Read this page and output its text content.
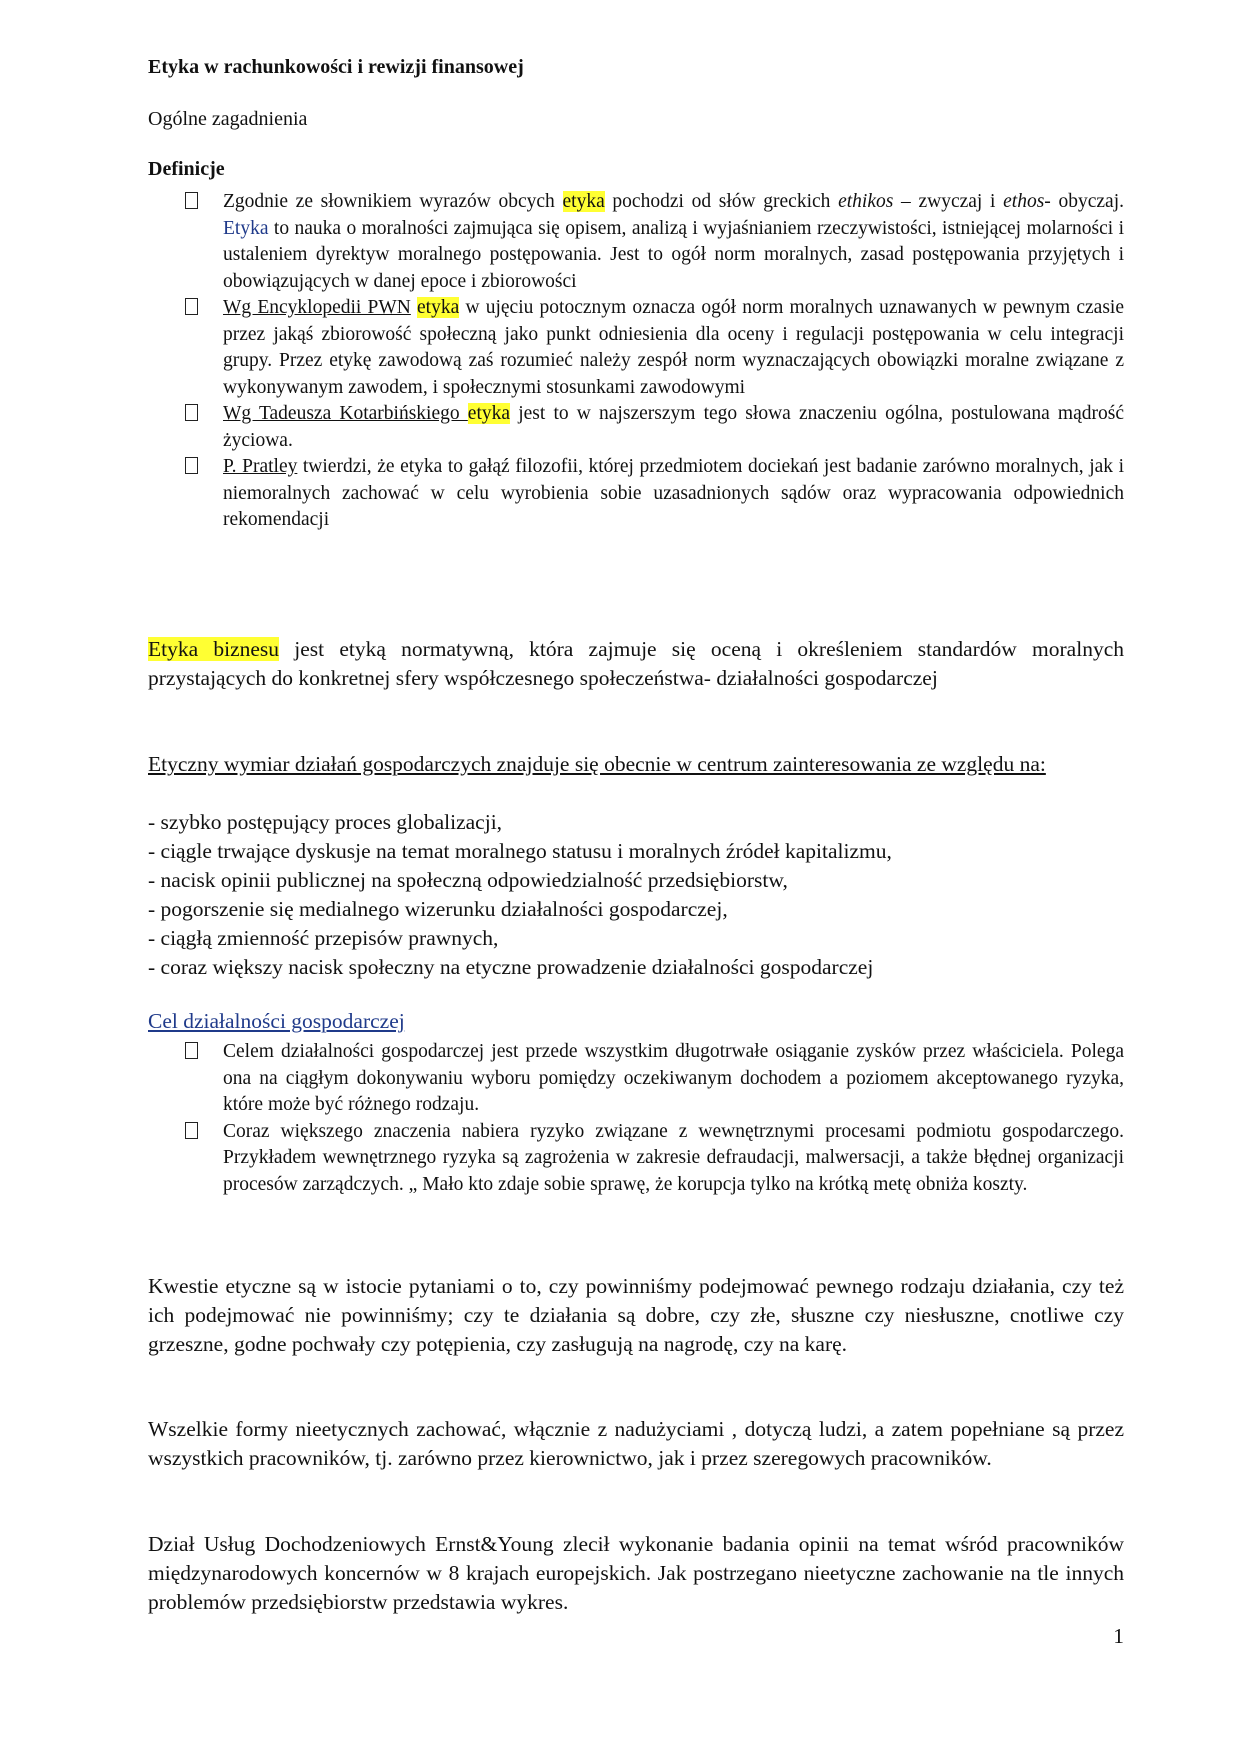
Etyka w rachunkowości i rewizji finansowej
Ogólne zagadnienia
Definicje
Zgodnie ze słownikiem wyrazów obcych etyka pochodzi od słów greckich ethikos – zwyczaj i ethos- obyczaj. Etyka to nauka o moralności zajmująca się opisem, analizą i wyjaśnianiem rzeczywistości, istniejącej molarności i ustaleniem dyrektyw moralnego postępowania. Jest to ogół norm moralnych, zasad postępowania przyjętych i obowiązujących w danej epoce i zbiorowości
Wg Encyklopedii PWN etyka w ujęciu potocznym oznacza ogół norm moralnych uznawanych w pewnym czasie przez jakąś zbiorowość społeczną jako punkt odniesienia dla oceny i regulacji postępowania w celu integracji grupy. Przez etykę zawodową zaś rozumieć należy zespół norm wyznaczających obowiązki moralne związane z wykonywanym zawodem, i społecznymi stosunkami zawodowymi
Wg Tadeusza Kotarbińskiego etyka jest to w najszerszym tego słowa znaczeniu ogólna, postulowana mądrość życiowa.
P. Pratley twierdzi, że etyka to gałąź filozofii, której przedmiotem dociekań jest badanie zarówno moralnych, jak i niemoralnych zachować w celu wyrobienia sobie uzasadnionych sądów oraz wypracowania odpowiednich rekomendacji
Etyka biznesu jest etyką normatywną, która zajmuje się oceną i określeniem standardów moralnych przystających do konkretnej sfery współczesnego społeczeństwa- działalności gospodarczej
Etyczny wymiar działań gospodarczych znajduje się obecnie w centrum zainteresowania ze względu na:
- szybko postępujący proces globalizacji,
- ciągle trwające dyskusje na temat moralnego statusu i moralnych źródeł kapitalizmu,
- nacisk opinii publicznej na społeczną odpowiedzialność przedsiębiorstw,
- pogorszenie się medialnego wizerunku działalności gospodarczej,
- ciągłą zmienność przepisów prawnych,
- coraz większy nacisk społeczny na etyczne prowadzenie działalności gospodarczej
Cel działalności gospodarczej
Celem działalności gospodarczej jest przede wszystkim długotrwałe osiąganie zysków przez właściciela. Polega ona na ciągłym dokonywaniu wyboru pomiędzy oczekiwanym dochodem a poziomem akceptowanego ryzyka, które może być różnego rodzaju.
Coraz większego znaczenia nabiera ryzyko związane z wewnętrznymi procesami podmiotu gospodarczego. Przykładem wewnętrznego ryzyka są zagrożenia w zakresie defraudacji, malwersacji, a także błędnej organizacji procesów zarządczych. „ Mało kto zdaje sobie sprawę, że korupcja tylko na krótką metę obniża koszty.
Kwestie etyczne są w istocie pytaniami o to, czy powinniśmy podejmować pewnego rodzaju działania, czy też ich podejmować nie powinniśmy; czy te działania są dobre, czy złe, słuszne czy niesłuszne, cnotliwe czy grzeszne, godne pochwały czy potępienia, czy zasługują na nagrodę, czy na karę.
Wszelkie formy nieetycznych zachować, włącznie z nadużyciami , dotyczą ludzi, a zatem popełniane są przez wszystkich pracowników, tj. zarówno przez kierownictwo, jak i przez szeregowych pracowników.
Dział Usług Dochodzeniowych Ernst&Young zlecił wykonanie badania opinii na temat wśród pracowników międzynarodowych koncernów w 8 krajach europejskich. Jak postrzegano nieetyczne zachowanie na tle innych problemów przedsiębiorstw przedstawia wykres.
1
